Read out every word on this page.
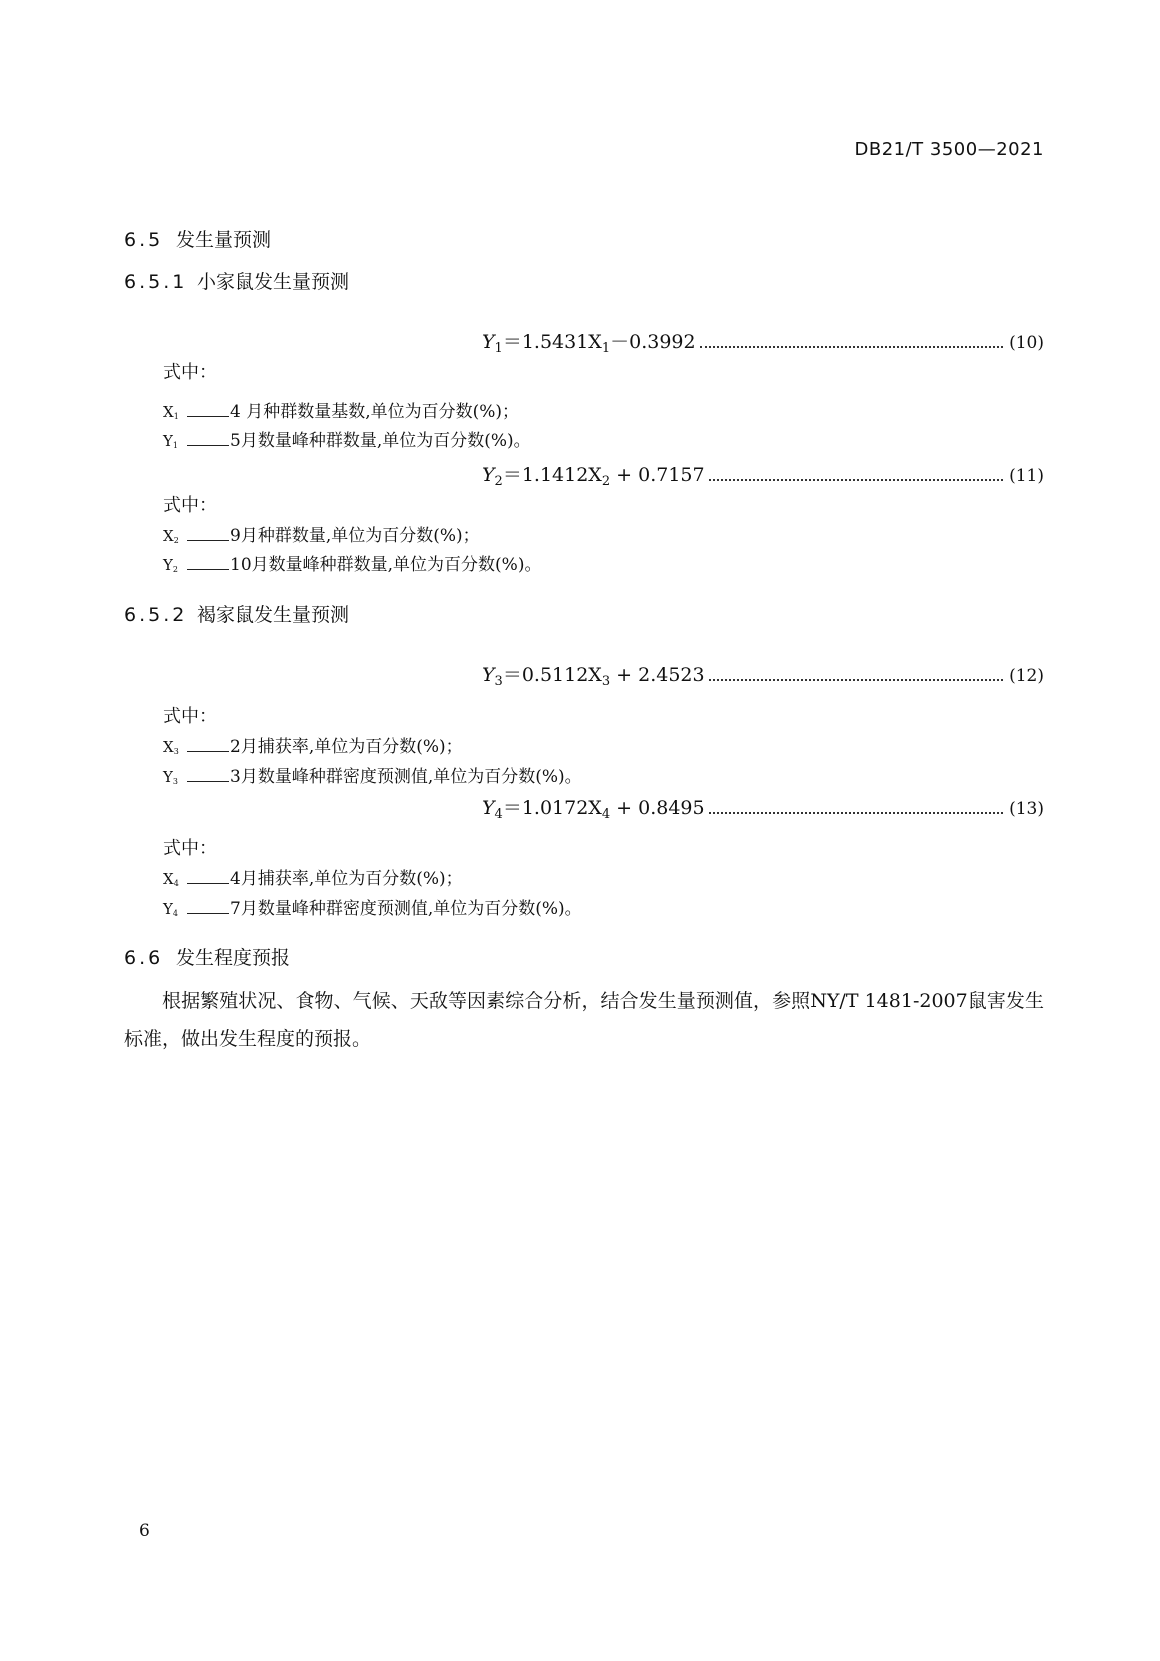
DB21/T 3500—2021
6.5 发生量预测
6.5.1 小家鼠发生量预测
$Y_1=1.5431X_1-0.3992$	(10)
式中：
$X_1$	4 月种群数量基数,单位为百分数(%)；
$Y_1$	5月数量峰种群数量,单位为百分数(%)。
$Y_2=1.1412X_2 + 0.7157$	(11)
式中：
$X_2$	9月种群数量,单位为百分数(%)；
$Y_2$	10月数量峰种群数量,单位为百分数(%)。
6.5.2 褐家鼠发生量预测
$Y_3=0.5112X_3 + 2.4523$	(12)
式中：
$X_3$	2月捕获率,单位为百分数(%)；
$Y_3$	3月数量峰种群密度预测值,单位为百分数(%)。
$Y_4=1.0172X_4 + 0.8495$	(13)
式中：
$X_4$	4月捕获率,单位为百分数(%)；
$Y_4$	7月数量峰种群密度预测值,单位为百分数(%)。
6.6 发生程度预报
根据繁殖状况、食物、气候、天敌等因素综合分析，结合发生量预测值，参照NY/T 1481-2007鼠害发生标准，做出发生程度的预报。
6
